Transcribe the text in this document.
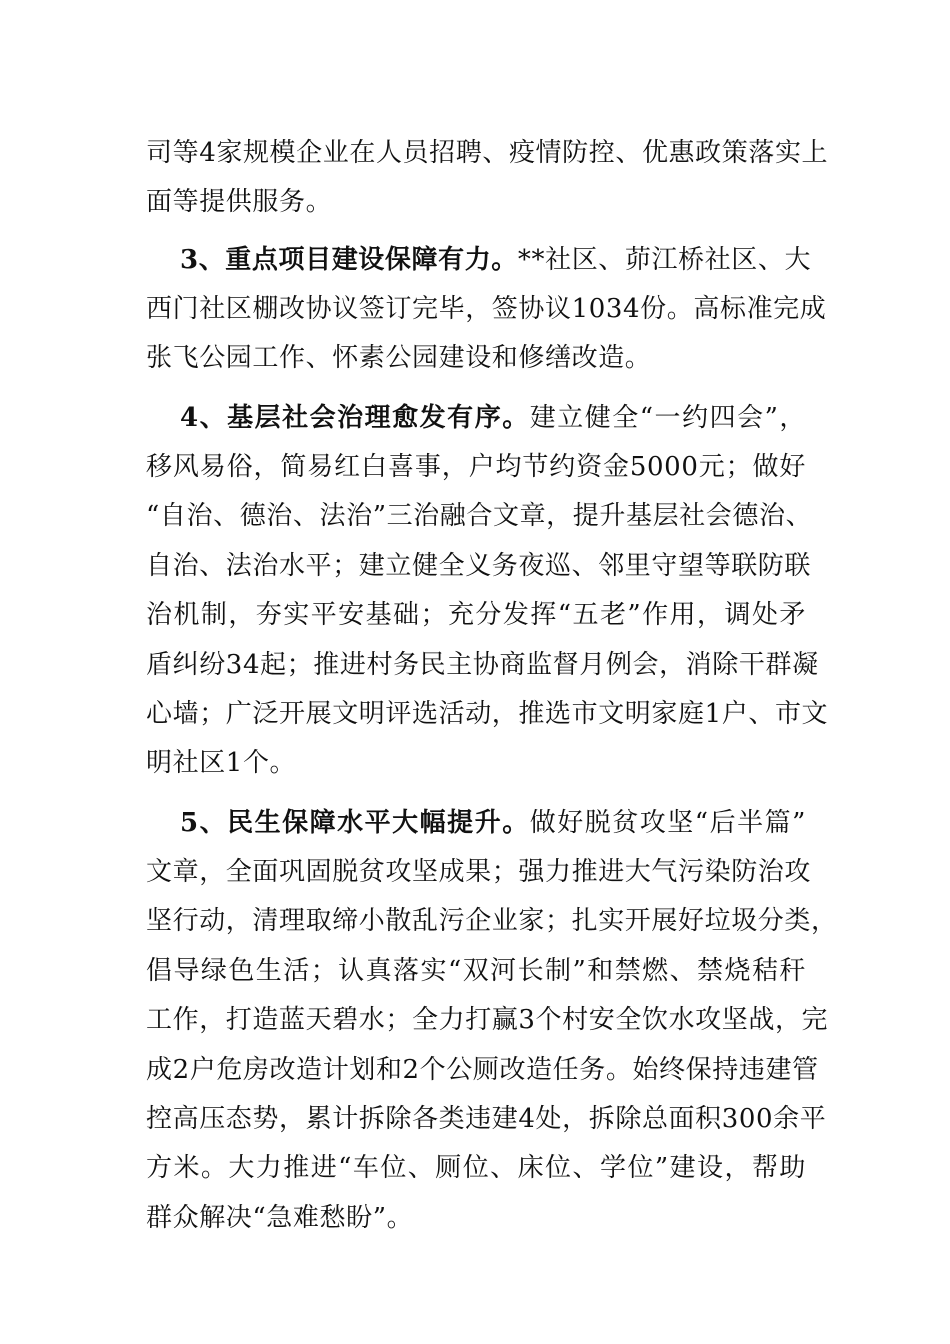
司等4家规模企业在人员招聘、疫情防控、优惠政策落实上
面等提供服务。
3、重点项目建设保障有力。**社区、茆江桥社区、大
西门社区棚改协议签订完毕，签协议1034份。高标准完成
张飞公园工作、怀素公园建设和修缮改造。
4、基层社会治理愈发有序。建立健全“一约四会”，
移风易俗，简易红白喜事，户均节约资金5000元；做好
“自治、德治、法治”三治融合文章，提升基层社会德治、
自治、法治水平；建立健全义务夜巡、邻里守望等联防联
治机制，夯实平安基础；充分发挥“五老”作用，调处矛
盾纠纷34起；推进村务民主协商监督月例会，消除干群凝
心墙；广泛开展文明评选活动，推选市文明家庭1户、市文
明社区1个。
5、民生保障水平大幅提升。做好脱贫攻坚“后半篇”
文章，全面巩固脱贫攻坚成果；强力推进大气污染防治攻
坚行动，清理取缔小散乱污企业家；扎实开展好垃圾分类，
倡导绿色生活；认真落实“双河长制”和禁燃、禁烧秸秆
工作，打造蓝天碧水；全力打赢3个村安全饮水攻坚战，完
成2户危房改造计划和2个公厕改造任务。始终保持违建管
控高压态势，累计拆除各类违建4处，拆除总面积300余平
方米。大力推进“车位、厕位、床位、学位”建设，帮助
群众解决“急难愁盼”。
